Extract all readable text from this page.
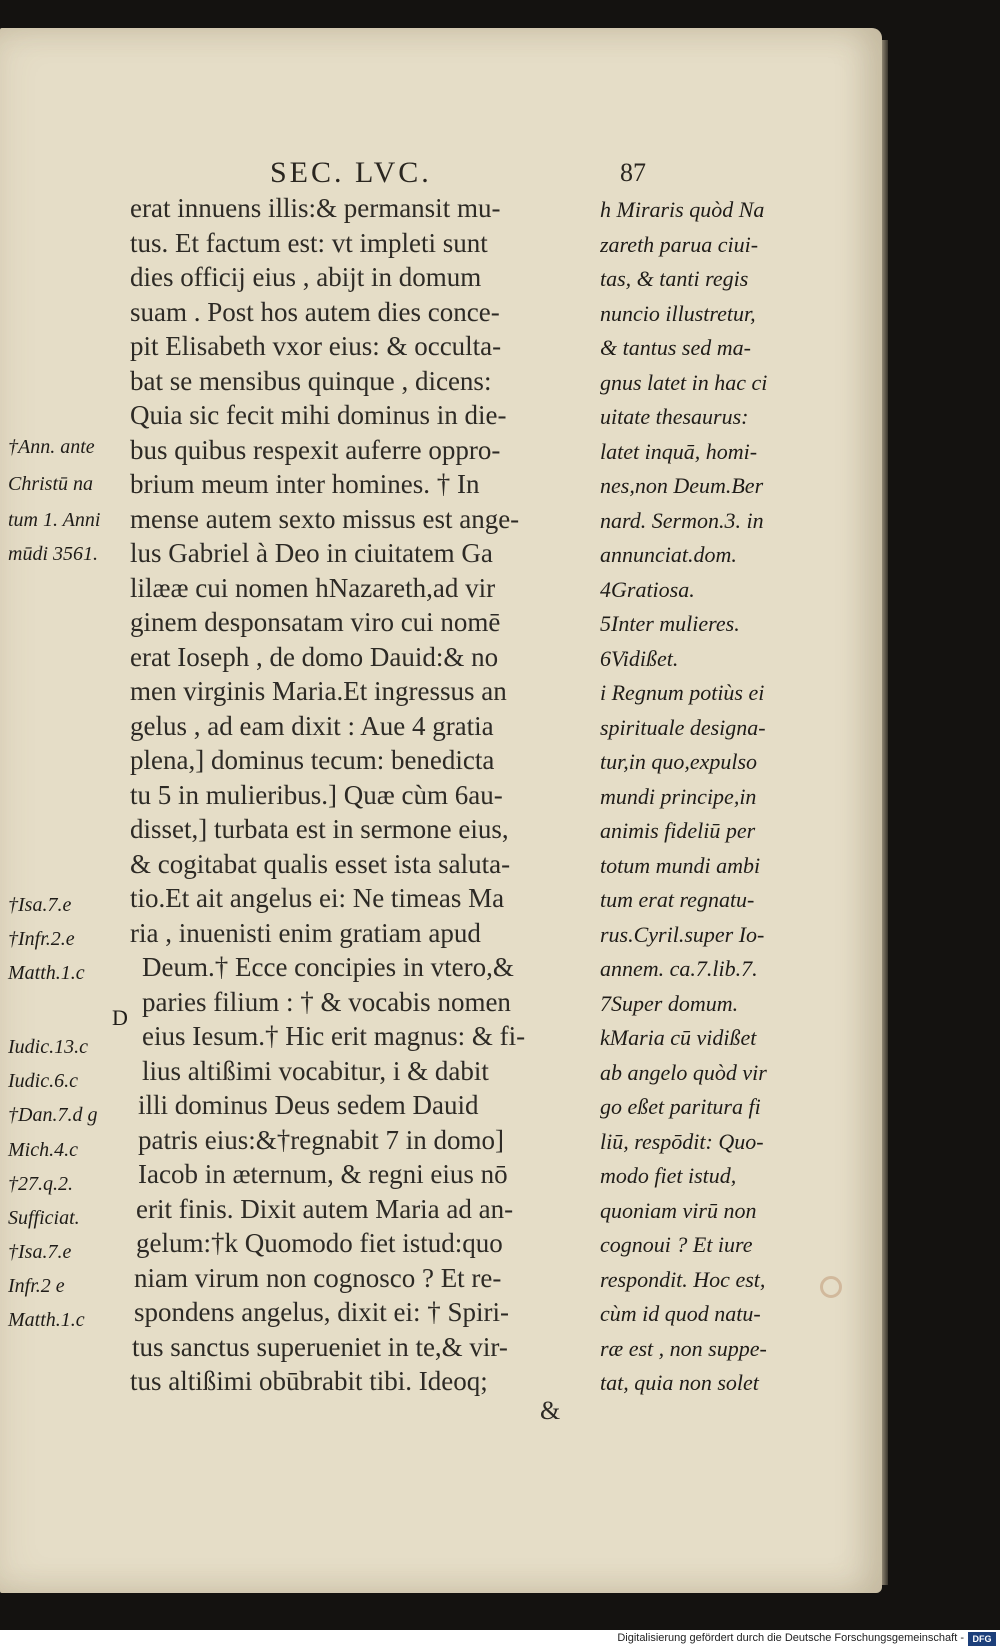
SEC. LVC.	87
erat innuens illis:& permansit mu-
tus. Et factum est: vt impleti sunt
dies officij eius , abijt in domum
suam . Post hos autem dies conce-
pit Elisabeth vxor eius: & occulta-
bat se mensibus quinque , dicens:
Quia sic fecit mihi dominus in die-
bus quibus respexit auferre oppro-
brium meum inter homines. † In
mense autem sexto missus est ange-
lus Gabriel à Deo in ciuitatem Ga
lilææ cui nomen hNazareth,ad vir
ginem desponsatam viro cui nomē
erat Ioseph , de domo Dauid:& no
men virginis Maria.Et ingressus an
gelus , ad eam dixit : Aue 4 gratia
plena,] dominus tecum: benedicta
tu 5 in mulieribus.] Quæ cùm 6au-
disset,] turbata est in sermone eius,
& cogitabat qualis esset ista saluta-
tio.Et ait angelus ei: Ne timeas Ma
ria , inuenisti enim gratiam apud
Deum.† Ecce concipies in vtero,&
paries filium : † & vocabis nomen
eius Iesum.† Hic erit magnus: & fi-
lius altißimi vocabitur, i & dabit
illi dominus Deus sedem Dauid
patris eius:&†regnabit 7 in domo]
Iacob in æternum, & regni eius nō
erit finis. Dixit autem Maria ad an-
gelum:†k Quomodo fiet istud:quo
niam virum non cognosco ? Et re-
spondens angelus, dixit ei: † Spiri-
tus sanctus superueniet in te,& vir-
tus altißimi obūbrabit tibi. Ideoq;
&
h Miraris quòd Na
zareth parua ciui-
tas, & tanti regis
nuncio illustretur,
& tantus sed ma-
gnus latet in hac ci
uitate thesaurus:
latet inquā, homi-
nes,non Deum.Ber
nard. Sermon.3. in
annunciat.dom.
4Gratiosa.
5Inter mulieres.
6Vidißet.
i Regnum potiùs ei
spirituale designa-
tur,in quo,expulso
mundi principe,in
animis fideliū per
totum mundi ambi
tum erat regnatu-
rus.Cyril.super Io-
annem. ca.7.lib.7.
7Super domum.
kMaria cū vidißet
ab angelo quòd vir
go eßet paritura fi
liū, respōdit: Quo-
modo fiet istud,
quoniam virū non
cognoui ? Et iure
respondit. Hoc est,
cùm id quod natu-
ræ est , non suppe-
tat, quia non solet
†Ann. ante
Christū na
tum 1. Anni
mūdi 3561.
†Isa.7.e
†Infr.2.e
Matth.1.c
Iudic.13.c
Iudic.6.c
†Dan.7.d g
Mich.4.c
†27.q.2.
Sufficiat.
†Isa.7.e
Infr.2 e
Matth.1.c
D
Digitalisierung gefördert durch die Deutsche Forschungsgemeinschaft - DFG
